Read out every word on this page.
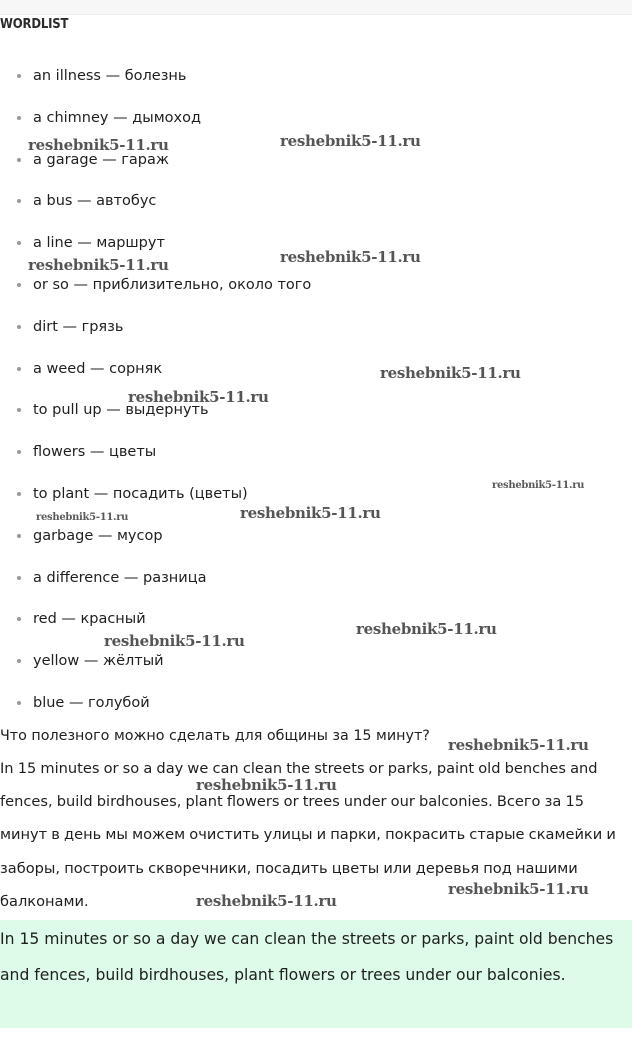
WORDLIST
an illness — болезнь
a chimney — дымоход
a garage — гараж
a bus — автобус
a line — маршрут
or so — приблизительно, около того
dirt — грязь
a weed — сорняк
to pull up — выдернуть
flowers — цветы
to plant — посадить (цветы)
garbage — мусор
a difference — разница
red — красный
yellow — жёлтый
blue — голубой

Что полезного можно сделать для общины за 15 минут?

In 15 minutes or so a day we can clean the streets or parks, paint old benches and fences, build birdhouses, plant flowers or trees under our balconies. Всего за 15 минут в день мы можем очистить улицы и парки, покрасить старые скамейки и заборы, построить скворечники, посадить цветы или деревья под нашими балконами.

In 15 minutes or so a day we can clean the streets or parks, paint old benches and fences, build birdhouses, plant flowers or trees under our balconies.

reshebnik5-11.ru	reshebnik5-11.ru
reshebnik5-11.ru	reshebnik5-11.ru
reshebnik5-11.ru
reshebnik5-11.ru
reshebnik5-11.ru
reshebnik5-11.ru	reshebnik5-11.ru
reshebnik5-11.ru
reshebnik5-11.ru
reshebnik5-11.ru
reshebnik5-11.ru
reshebnik5-11.ru
reshebnik5-11.ru
